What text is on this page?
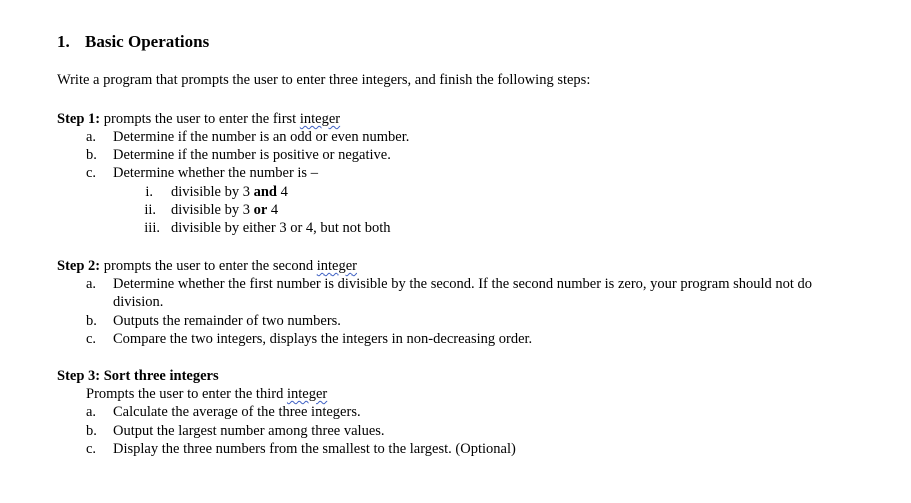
1. Basic Operations
Write a program that prompts the user to enter three integers, and finish the following steps:
Step 1: prompts the user to enter the first integer
a.	Determine if the number is an odd or even number.
b.	Determine if the number is positive or negative.
c.	Determine whether the number is –
i. divisible by 3 and 4
ii. divisible by 3 or 4
iii. divisible by either 3 or 4, but not both
Step 2: prompts the user to enter the second integer
a.	Determine whether the first number is divisible by the second. If the second number is zero, your program should not do
division.
b.	Outputs the remainder of two numbers.
c.	Compare the two integers, displays the integers in non-decreasing order.
Step 3: Sort three integers
Prompts the user to enter the third integer
a.	Calculate the average of the three integers.
b.	Output the largest number among three values.
c.	Display the three numbers from the smallest to the largest. (Optional)
